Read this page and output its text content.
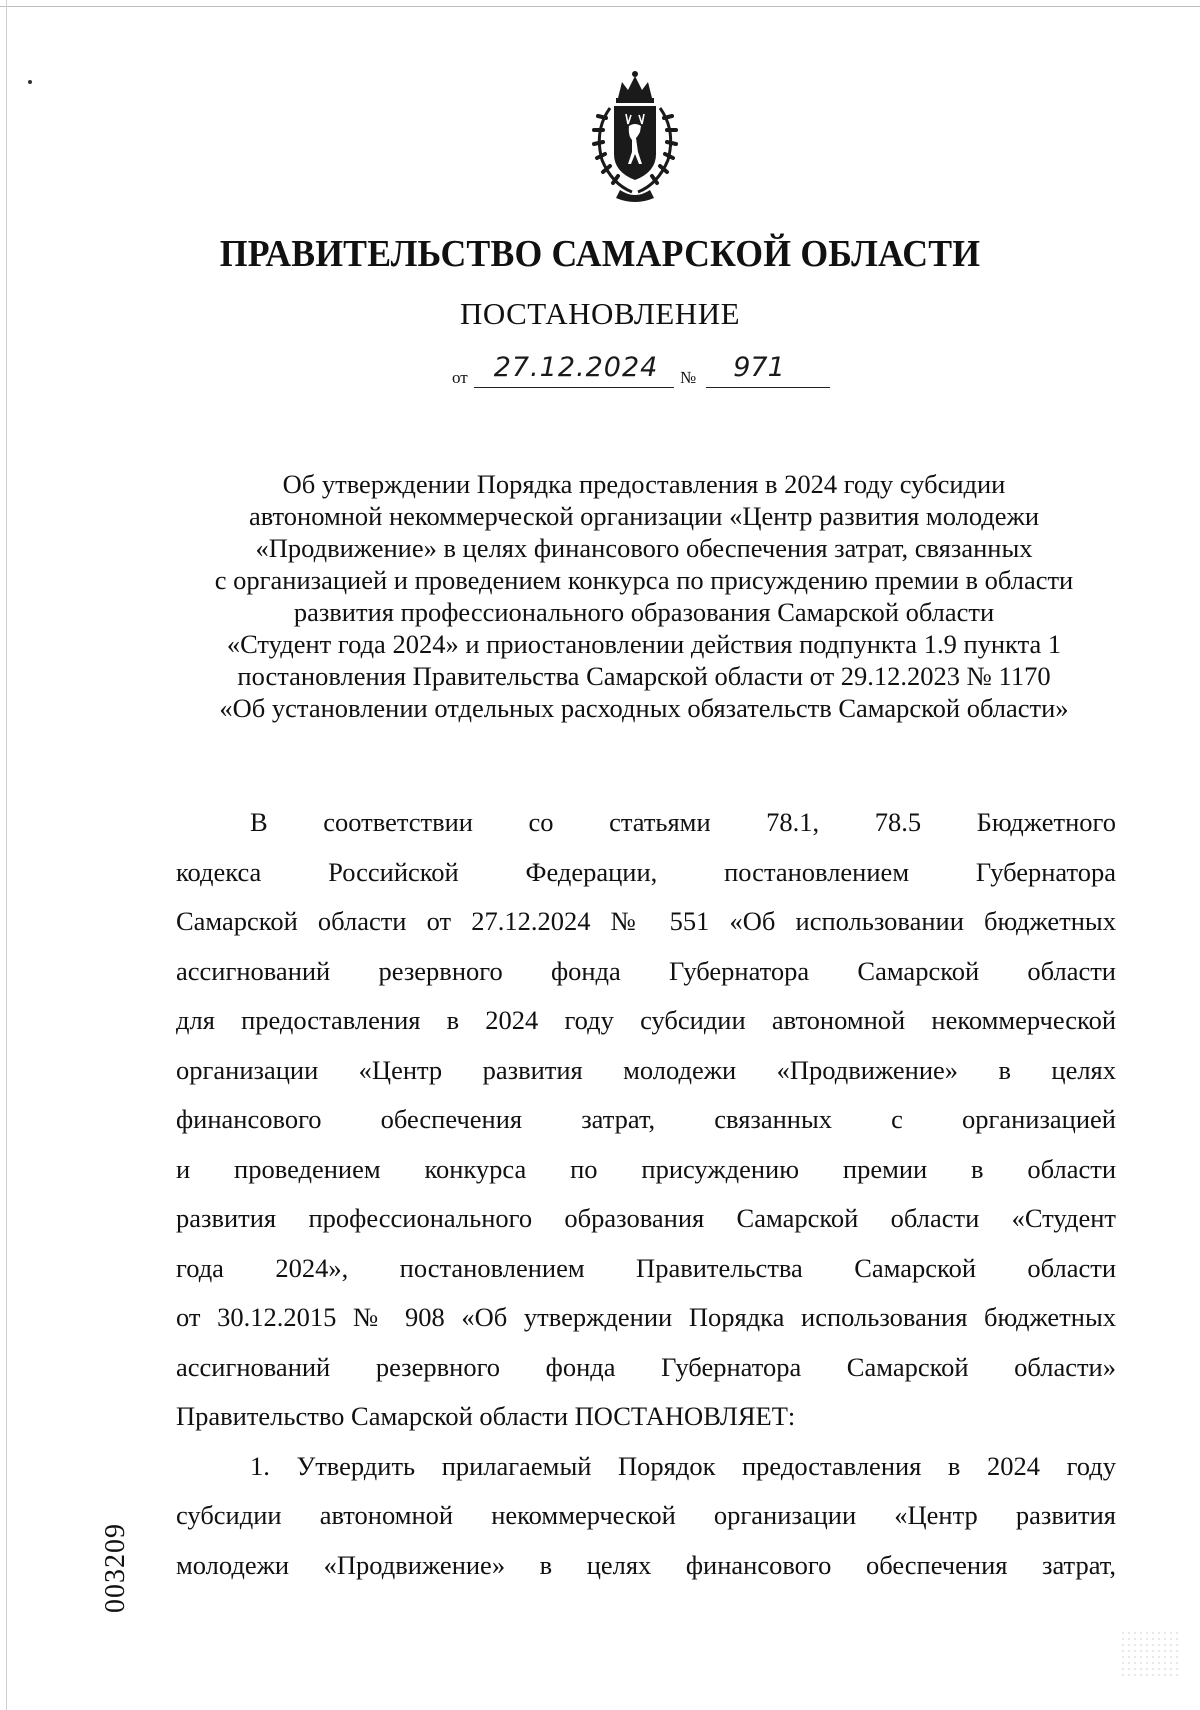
ПРАВИТЕЛЬСТВО САМАРСКОЙ ОБЛАСТИ
ПОСТАНОВЛЕНИЕ
от 27.12.2024	№	971
Об утверждении Порядка предоставления в 2024 году субсидии
автономной некоммерческой организации «Центр развития молодежи
«Продвижение» в целях финансового обеспечения затрат, связанных
с организацией и проведением конкурса по присуждению премии в области
развития профессионального образования Самарской области
«Студент года 2024» и приостановлении действия подпункта 1.9 пункта 1
постановления Правительства Самарской области от 29.12.2023 № 1170
«Об установлении отдельных расходных обязательств Самарской области»
В соответствии со статьями 78.1, 78.5 Бюджетного
кодекса Российской Федерации, постановлением Губернатора
Самарской области от 27.12.2024 № 551 «Об использовании бюджетных
ассигнований резервного фонда Губернатора Самарской области
для предоставления в 2024 году субсидии автономной некоммерческой
организации «Центр развития молодежи «Продвижение» в целях
финансового обеспечения затрат, связанных с организацией
и проведением конкурса по присуждению премии в области
развития профессионального образования Самарской области «Студент
года 2024», постановлением Правительства Самарской области
от 30.12.2015 № 908 «Об утверждении Порядка использования бюджетных
ассигнований резервного фонда Губернатора Самарской области»
Правительство Самарской области ПОСТАНОВЛЯЕТ:
1. Утвердить прилагаемый Порядок предоставления в 2024 году
субсидии автономной некоммерческой организации «Центр развития
молодежи «Продвижение» в целях финансового обеспечения затрат,
003209
